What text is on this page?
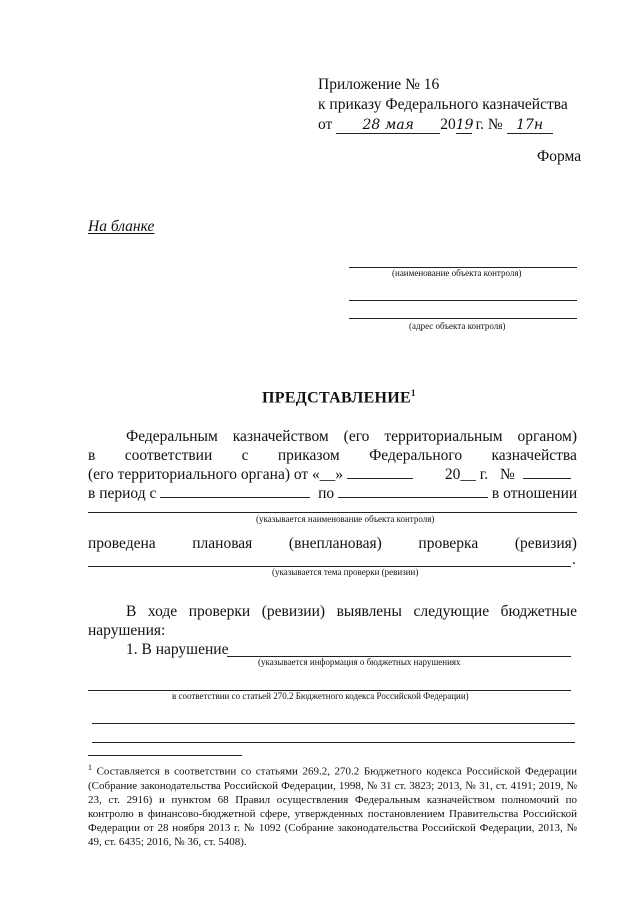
Приложение № 16
к приказу Федерального казначейства
от 28 мая 2019 г. № 17н
Форма
На бланке
(наименование объекта контроля)
(адрес объекта контроля)
ПРЕДСТАВЛЕНИЕ$^1$
Федеральным казначейством (его территориальным органом)
в соответствии с приказом Федерального казначейства
(его территориального органа) от «__»	20__ г. №
в период с	по	в отношении
(указывается наименование объекта контроля)
проведена плановая (внеплановая) проверка (ревизия)
.
(указывается тема проверки (ревизии)
В ходе проверки (ревизии) выявлены следующие бюджетные
нарушения:
1. В нарушение
(указывается информация о бюджетных нарушениях
в соответствии со статьей 270.2 Бюджетного кодекса Российской Федерации)
$^1$ Составляется в соответствии со статьями 269.2, 270.2 Бюджетного кодекса Российской Федерации (Собрание законодательства Российской Федерации, 1998, № 31 ст. 3823; 2013, № 31, ст. 4191; 2019, № 23, ст. 2916) и пунктом 68 Правил осуществления Федеральным казначейством полномочий по контролю в финансово-бюджетной сфере, утвержденных постановлением Правительства Российской Федерации от 28 ноября 2013 г. № 1092 (Собрание законодательства Российской Федерации, 2013, № 49, ст. 6435; 2016, № 36, ст. 5408).
